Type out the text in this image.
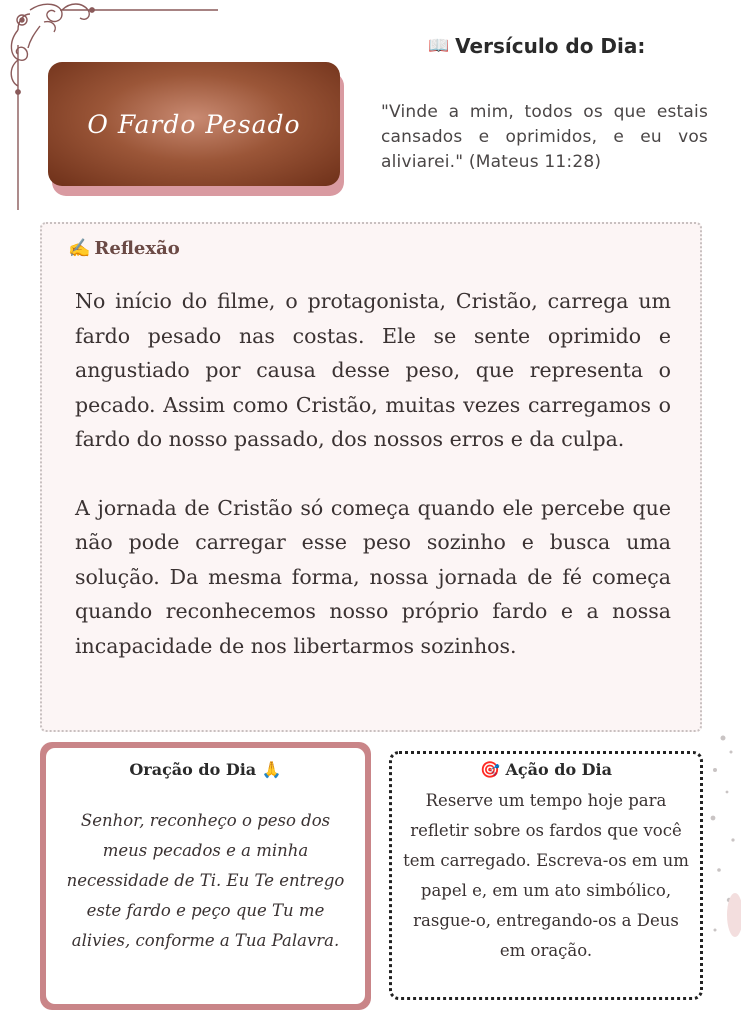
O Fardo Pesado
📖 Versículo do Dia:
"Vinde a mim, todos os que estais cansados e oprimidos, e eu vos aliviarei." (Mateus 11:28)
✍️ Reflexão

No início do filme, o protagonista, Cristão, carrega um fardo pesado nas costas. Ele se sente oprimido e angustiado por causa desse peso, que representa o pecado. Assim como Cristão, muitas vezes carregamos o fardo do nosso passado, dos nossos erros e da culpa.

A jornada de Cristão só começa quando ele percebe que não pode carregar esse peso sozinho e busca uma solução. Da mesma forma, nossa jornada de fé começa quando reconhecemos nosso próprio fardo e a nossa incapacidade de nos libertarmos sozinhos.

Oração do Dia 🙏
Senhor, reconheço o peso dos meus pecados e a minha necessidade de Ti. Eu Te entrego este fardo e peço que Tu me alivies, conforme a Tua Palavra.
🎯 Ação do Dia
Reserve um tempo hoje para refletir sobre os fardos que você tem carregado. Escreva-os em um papel e, em um ato simbólico, rasgue-o, entregando-os a Deus em oração.
